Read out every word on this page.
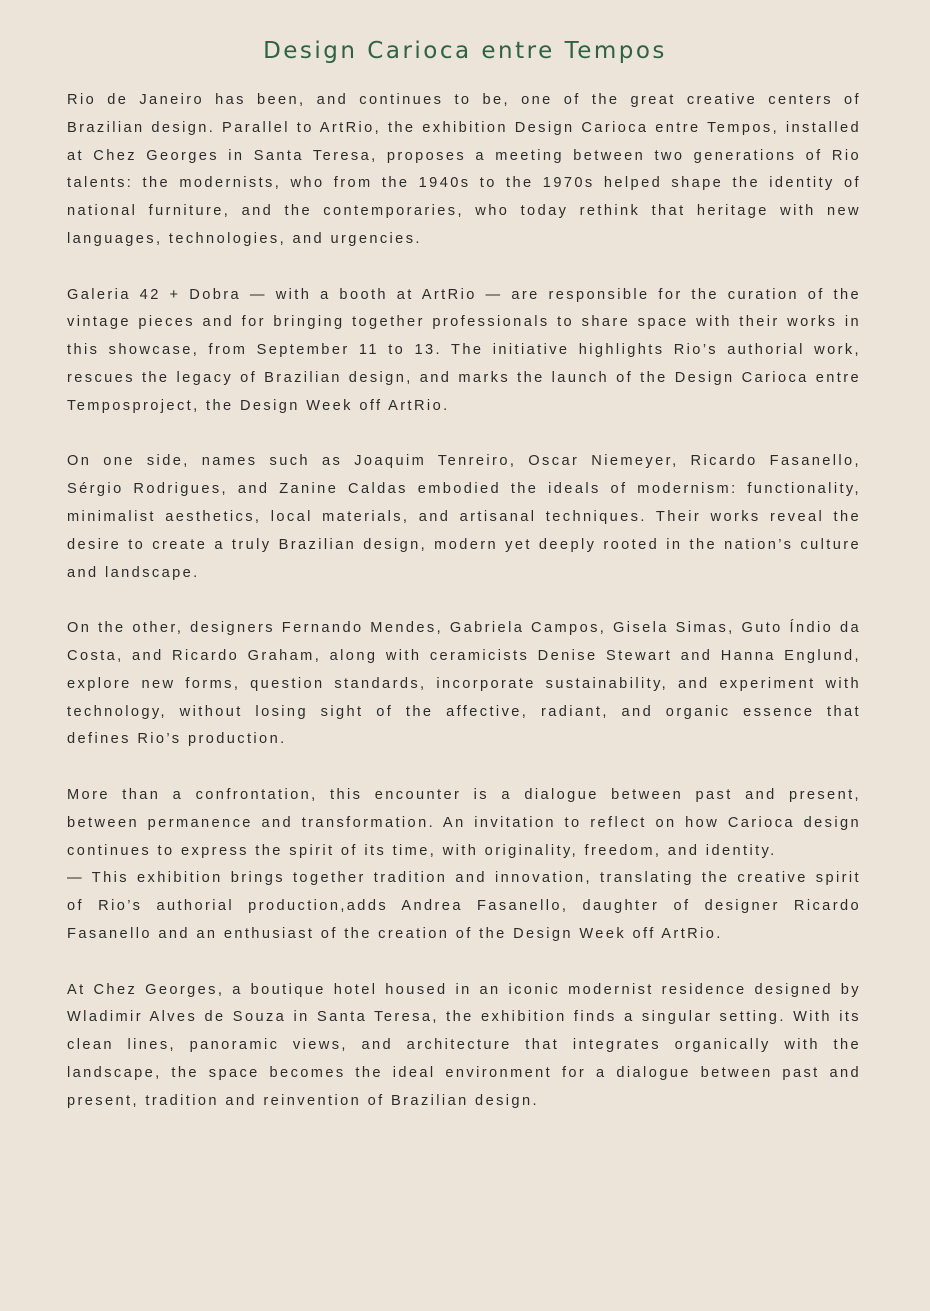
Design Carioca entre Tempos

Rio de Janeiro has been, and continues to be, one of the great creative centers of Brazilian design. Parallel to ArtRio, the exhibition Design Carioca entre Tempos, installed at Chez Georges in Santa Teresa, proposes a meeting between two generations of Rio talents: the modernists, who from the 1940s to the 1970s helped shape the identity of national furniture, and the contemporaries, who today rethink that heritage with new languages, technologies, and urgencies.

Galeria 42 + Dobra — with a booth at ArtRio — are responsible for the curation of the vintage pieces and for bringing together professionals to share space with their works in this showcase, from September 11 to 13. The initiative highlights Rio’s authorial work, rescues the legacy of Brazilian design, and marks the launch of the Design Carioca entre Temposproject, the Design Week off ArtRio.

On one side, names such as Joaquim Tenreiro, Oscar Niemeyer, Ricardo Fasanello, Sérgio Rodrigues, and Zanine Caldas embodied the ideals of modernism: functionality, minimalist aesthetics, local materials, and artisanal techniques. Their works reveal the desire to create a truly Brazilian design, modern yet deeply rooted in the nation’s culture and landscape.

On the other, designers Fernando Mendes, Gabriela Campos, Gisela Simas, Guto Índio da Costa, and Ricardo Graham, along with ceramicists Denise Stewart and Hanna Englund, explore new forms, question standards, incorporate sustainability, and experiment with technology, without losing sight of the affective, radiant, and organic essence that defines Rio’s production.

More than a confrontation, this encounter is a dialogue between past and present, between permanence and transformation. An invitation to reflect on how Carioca design continues to express the spirit of its time, with originality, freedom, and identity.

— This exhibition brings together tradition and innovation, translating the creative spirit of Rio’s authorial production,adds Andrea Fasanello, daughter of designer Ricardo Fasanello and an enthusiast of the creation of the Design Week off ArtRio.

At Chez Georges, a boutique hotel housed in an iconic modernist residence designed by Wladimir Alves de Souza in Santa Teresa, the exhibition finds a singular setting. With its clean lines, panoramic views, and architecture that integrates organically with the landscape, the space becomes the ideal environment for a dialogue between past and present, tradition and reinvention of Brazilian design.
